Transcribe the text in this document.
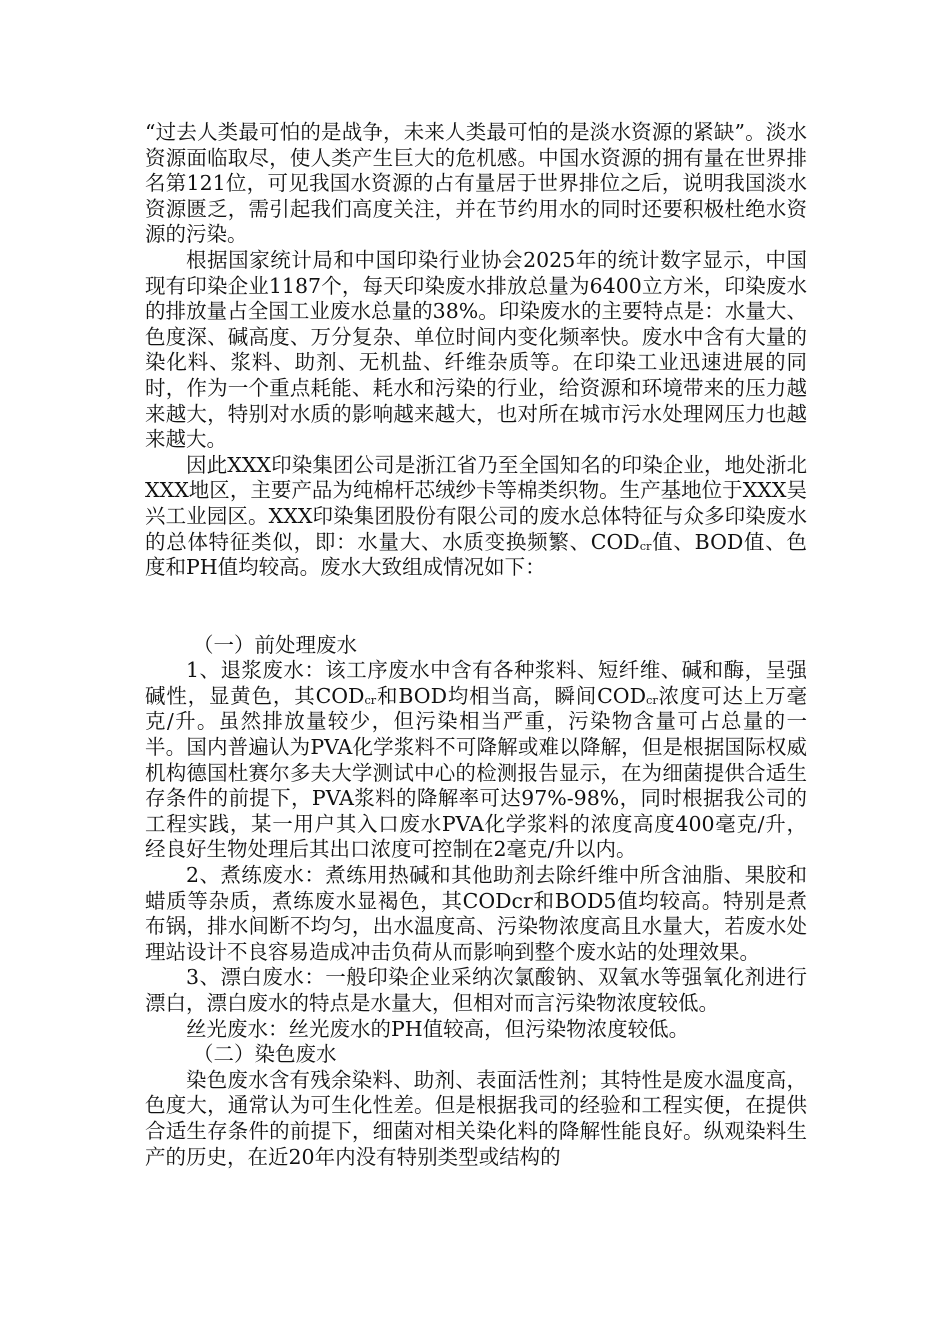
“过去人类最可怕的是战争，未来人类最可怕的是淡水资源的紧缺”。淡水资源面临取尽，使人类产生巨大的危机感。中国水资源的拥有量在世界排名第121位，可见我国水资源的占有量居于世界排位之后，说明我国淡水资源匮乏，需引起我们高度关注，并在节约用水的同时还要积极杜绝水资源的污染。

根据国家统计局和中国印染行业协会2025年的统计数字显示，中国现有印染企业1187个，每天印染废水排放总量为6400立方米，印染废水的排放量占全国工业废水总量的38%。印染废水的主要特点是：水量大、色度深、碱高度、万分复杂、单位时间内变化频率快。废水中含有大量的染化料、浆料、助剂、无机盐、纤维杂质等。在印染工业迅速进展的同时，作为一个重点耗能、耗水和污染的行业，给资源和环境带来的压力越来越大，特别对水质的影响越来越大，也对所在城市污水处理网压力也越来越大。

因此XXX印染集团公司是浙江省乃至全国知名的印染企业，地处浙北XXX地区，主要产品为纯棉杆芯绒纱卡等棉类织物。生产基地位于XXX吴兴工业园区。XXX印染集团股份有限公司的废水总体特征与众多印染废水的总体特征类似，即：水量大、水质变换频繁、$COD_{cr}$值、BOD值、色度和PH值均较高。废水大致组成情况如下：

（一）前处理废水

1、退浆废水：该工序废水中含有各种浆料、短纤维、碱和酶，呈强碱性，显黄色，其$COD_{cr}$和BOD均相当高，瞬间$COD_{cr}$浓度可达上万毫克/升。虽然排放量较少，但污染相当严重，污染物含量可占总量的一半。国内普遍认为PVA化学浆料不可降解或难以降解，但是根据国际权威机构德国杜赛尔多夫大学测试中心的检测报告显示，在为细菌提供合适生存条件的前提下，PVA浆料的降解率可达97%-98%，同时根据我公司的工程实践，某一用户其入口废水PVA化学浆料的浓度高度400毫克/升，经良好生物处理后其出口浓度可控制在2毫克/升以内。

2、煮练废水：煮练用热碱和其他助剂去除纤维中所含油脂、果胶和蜡质等杂质，煮练废水显褐色，其CODcr和BOD5值均较高。特别是煮布锅，排水间断不均匀，出水温度高、污染物浓度高且水量大，若废水处理站设计不良容易造成冲击负荷从而影响到整个废水站的处理效果。

3、漂白废水：一般印染企业采纳次氯酸钠、双氧水等强氧化剂进行漂白，漂白废水的特点是水量大，但相对而言污染物浓度较低。

丝光废水：丝光废水的PH值较高，但污染物浓度较低。

（二）染色废水

染色废水含有残余染料、助剂、表面活性剂；其特性是废水温度高，色度大，通常认为可生化性差。但是根据我司的经验和工程实便，在提供合适生存条件的前提下，细菌对相关染化料的降解性能良好。纵观染料生产的历史，在近20年内没有特别类型或结构的
